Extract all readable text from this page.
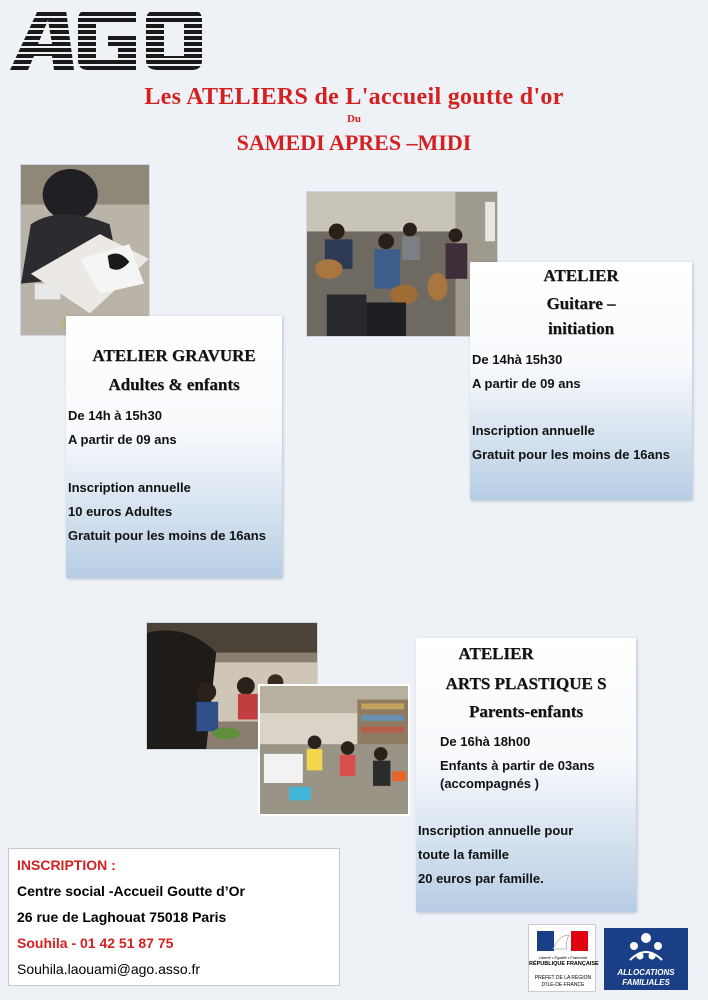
Les ATELIERS de L'accueil goutte d'or
Du
SAMEDI APRES –MIDI
ATELIER GRAVURE
Adultes & enfants
De 14h à 15h30
A partir de 09 ans
Inscription annuelle
10 euros Adultes
Gratuit pour les moins de 16ans
ATELIER
Guitare –
initiation
De 14hà 15h30
A partir de 09 ans
Inscription annuelle
Gratuit pour les moins de 16ans
ATELIER
ARTS PLASTIQUE S
Parents-enfants
De 16hà 18h00
Enfants à partir de 03ans
(accompagnés )
Inscription annuelle pour
toute la famille
20 euros par famille.
INSCRIPTION :
Centre social -Accueil Goutte d’Or
26 rue de Laghouat 75018 Paris
Souhila - 01 42 51 87 75
Souhila.laouami@ago.asso.fr
Liberté • Égalité • Fraternité
RÉPUBLIQUE FRANÇAISE
PRÉFET DE LA RÉGION
D'ILE-DE-FRANCE
ALLOCATIONS
FAMILIALES
